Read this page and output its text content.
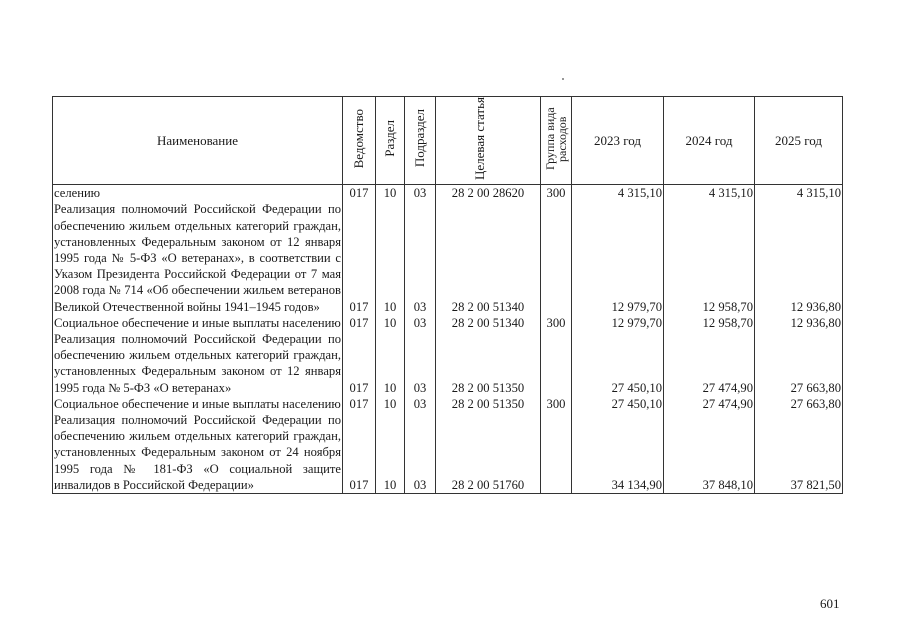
Наименование	Ведомство	Раздел	Подраздел	Целевая статья	Группа вида расходов	2023 год	2024 год	2025 год
селению	017	10	03	28 2 00 28620	300	4 315,10	4 315,10	4 315,10
Реализация полномочий Российской Федерации по обеспечению жильем отдельных категорий граждан, установленных Федеральным законом от 12 января 1995 года № 5-ФЗ «О ветеранах», в соответствии с Указом Президента Российской Федерации от 7 мая 2008 года № 714 «Об обеспечении жильем ветеранов Великой Отечественной войны 1941–1945 годов»	017	10	03	28 2 00 51340		12 979,70	12 958,70	12 936,80
Социальное обеспечение и иные выплаты населению	017	10	03	28 2 00 51340	300	12 979,70	12 958,70	12 936,80
Реализация полномочий Российской Федерации по обеспечению жильем отдельных категорий граждан, установленных Федеральным законом от 12 января 1995 года № 5-ФЗ «О ветеранах»	017	10	03	28 2 00 51350		27 450,10	27 474,90	27 663,80
Социальное обеспечение и иные выплаты населению	017	10	03	28 2 00 51350	300	27 450,10	27 474,90	27 663,80
Реализация полномочий Российской Федерации по обеспечению жильем отдельных категорий граждан, установленных Федеральным законом от 24 ноября 1995 года № 181-ФЗ «О социальной защите инвалидов в Российской Федерации»	017	10	03	28 2 00 51760		34 134,90	37 848,10	37 821,50
601
